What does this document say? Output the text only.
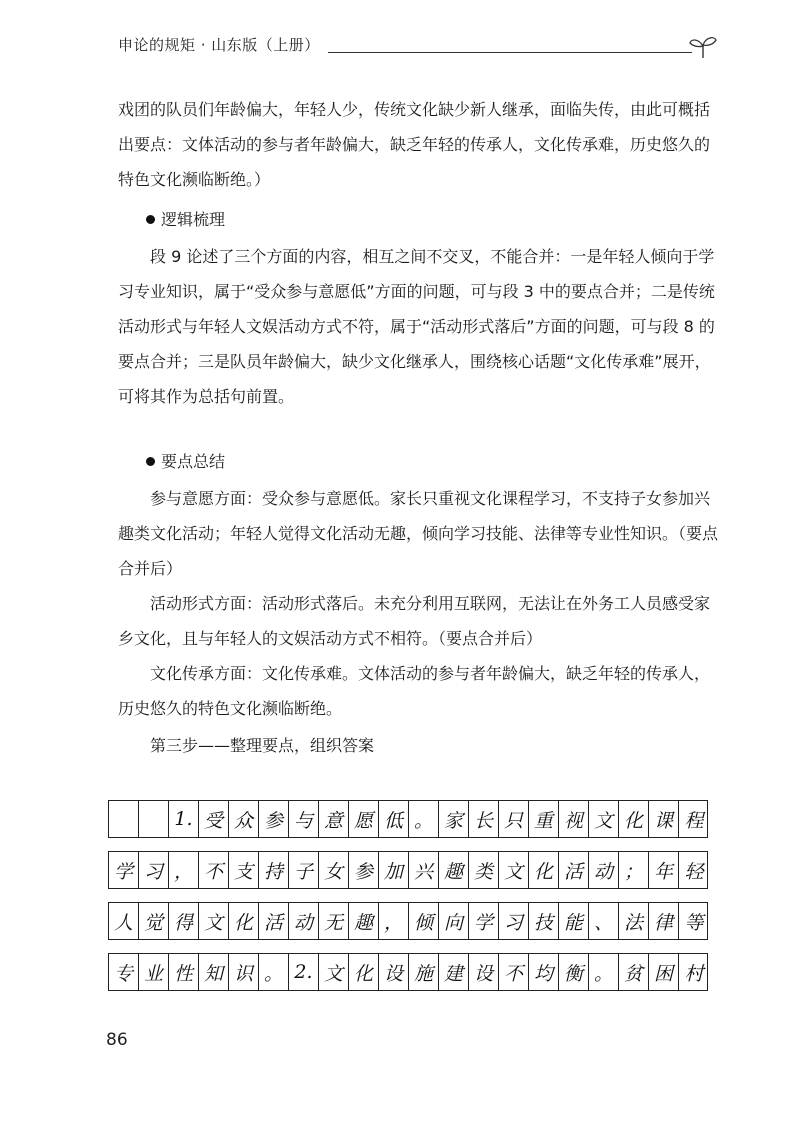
申论的规矩 · 山东版（上册）

戏团的队员们年龄偏大，年轻人少，传统文化缺少新人继承，面临失传，由此可概括出要点：文体活动的参与者年龄偏大，缺乏年轻的传承人，文化传承难，历史悠久的特色文化濒临断绝。）

逻辑梳理

段 9 论述了三个方面的内容，相互之间不交叉，不能合并：一是年轻人倾向于学习专业知识，属于“受众参与意愿低”方面的问题，可与段 3 中的要点合并；二是传统活动形式与年轻人文娱活动方式不符，属于“活动形式落后”方面的问题，可与段 8 的要点合并；三是队员年龄偏大，缺少文化继承人，围绕核心话题“文化传承难”展开，可将其作为总括句前置。

要点总结

参与意愿方面：受众参与意愿低。家长只重视文化课程学习，不支持子女参加兴趣类文化活动；年轻人觉得文化活动无趣，倾向学习技能、法律等专业性知识。（要点合并后）

活动形式方面：活动形式落后。未充分利用互联网，无法让在外务工人员感受家乡文化，且与年轻人的文娱活动方式不相符。（要点合并后）

文化传承方面：文化传承难。文体活动的参与者年龄偏大，缺乏年轻的传承人，历史悠久的特色文化濒临断绝。

第三步——整理要点，组织答案

1. 受 众 参 与 意 愿 低 。 家 长 只 重 视 文 化 课 程
学 习 ， 不 支 持 子 女 参 加 兴 趣 类 文 化 活 动 ； 年 轻
人 觉 得 文 化 活 动 无 趣 ， 倾 向 学 习 技 能 、 法 律 等
专 业 性 知 识 。 2. 文 化 设 施 建 设 不 均 衡 。 贫 困 村
86
